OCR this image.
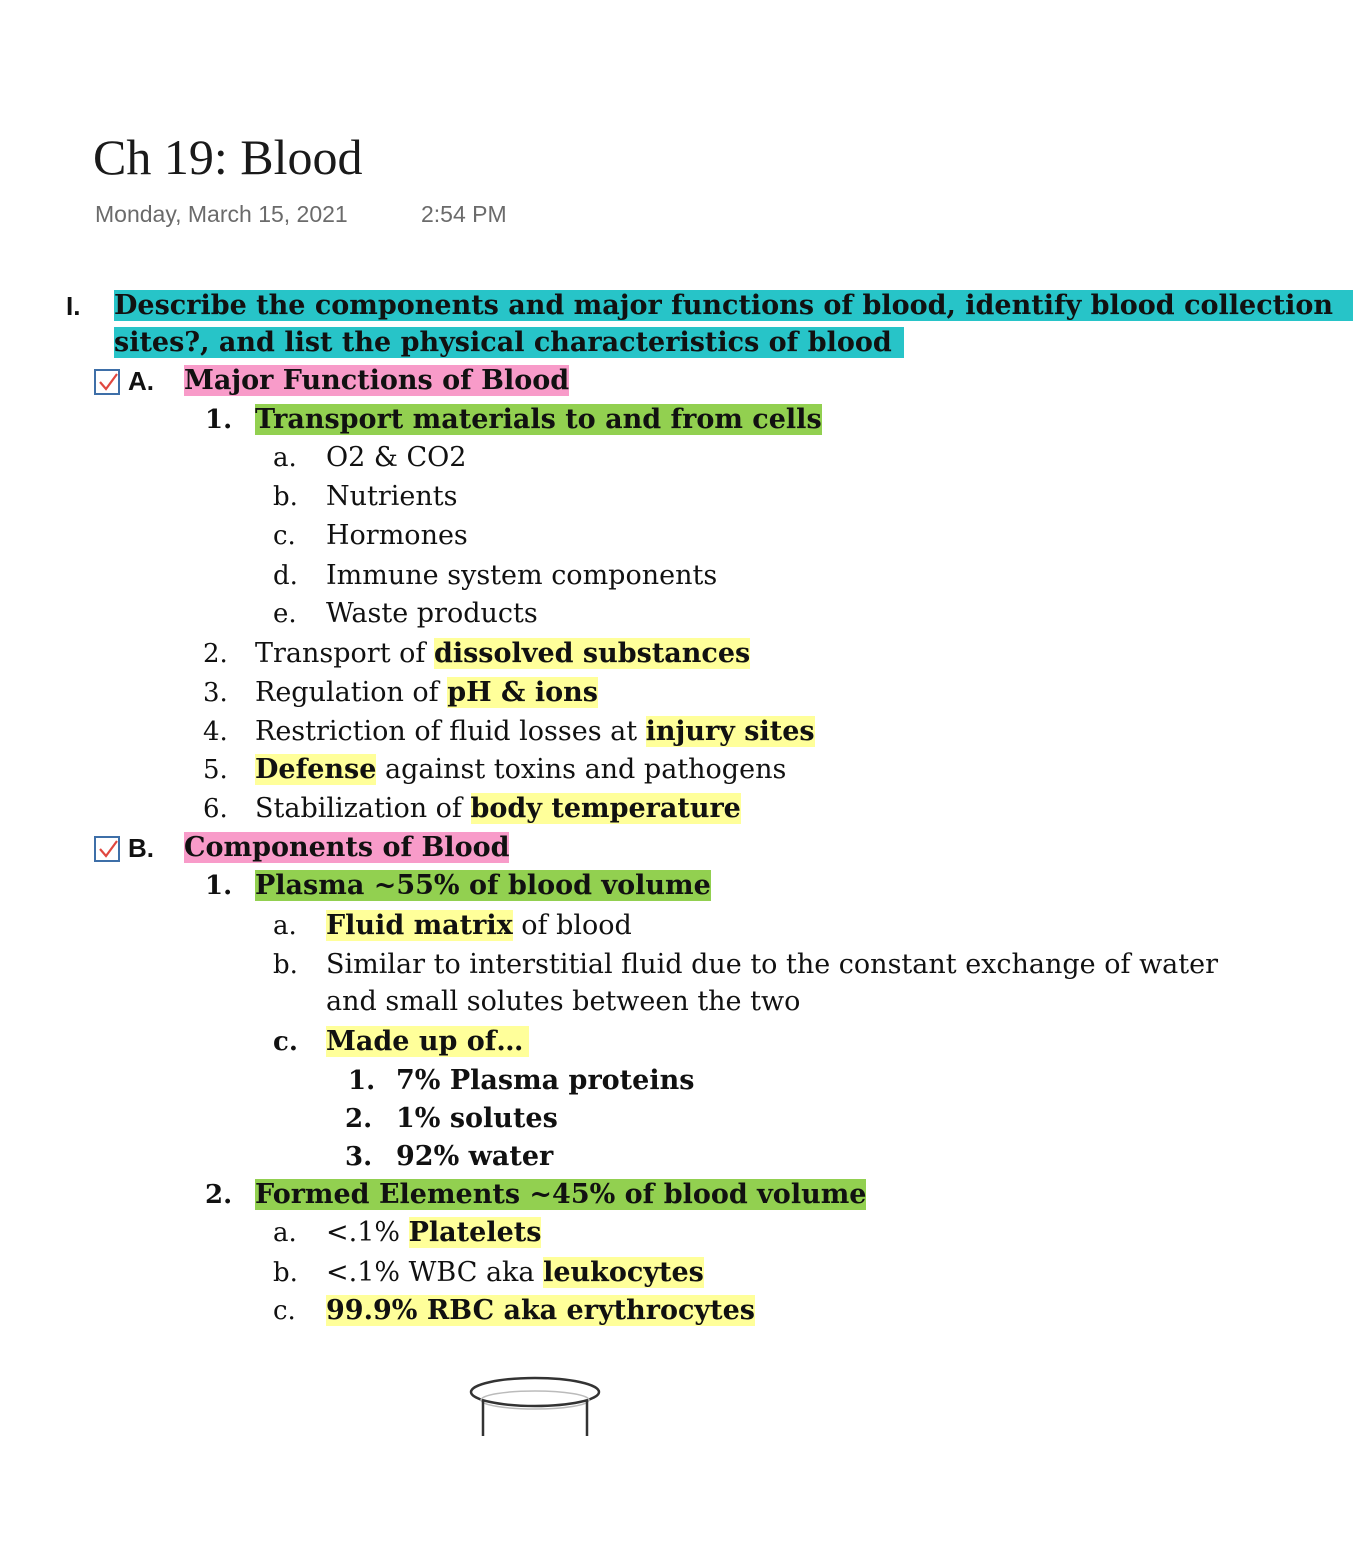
Ch 19: Blood
Monday, March 15, 2021	2:54 PM
I. Describe the components and major functions of blood, identify blood collection
sites?, and list the physical characteristics of blood
A. Major Functions of Blood
1. Transport materials to and from cells
a. O2 & CO2
b. Nutrients
c. Hormones
d. Immune system components
e. Waste products
2. Transport of dissolved substances
3. Regulation of pH & ions
4. Restriction of fluid losses at injury sites
5. Defense against toxins and pathogens
6. Stabilization of body temperature
B. Components of Blood
1. Plasma ~55% of blood volume
a. Fluid matrix of blood
b. Similar to interstitial fluid due to the constant exchange of water
and small solutes between the two
c. Made up of…
1. 7% Plasma proteins
2. 1% solutes
3. 92% water
2. Formed Elements ~45% of blood volume
a. <.1% Platelets
b. <.1% WBC aka leukocytes
c. 99.9% RBC aka erythrocytes
